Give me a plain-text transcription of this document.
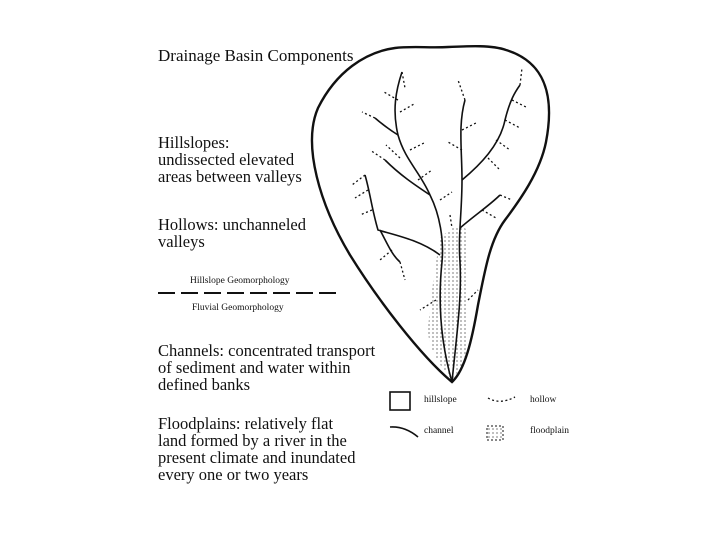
Drainage Basin Components
Hillslopes:
undissected elevated
areas between valleys
Hollows: unchanneled
valleys
Hillslope Geomorphology
Fluvial Geomorphology
Channels: concentrated transport
of sediment and water within
defined banks
Floodplains: relatively flat
land formed by a river in the
present climate and inundated
every one or two years
hillslope	hollow
channel	floodplain
